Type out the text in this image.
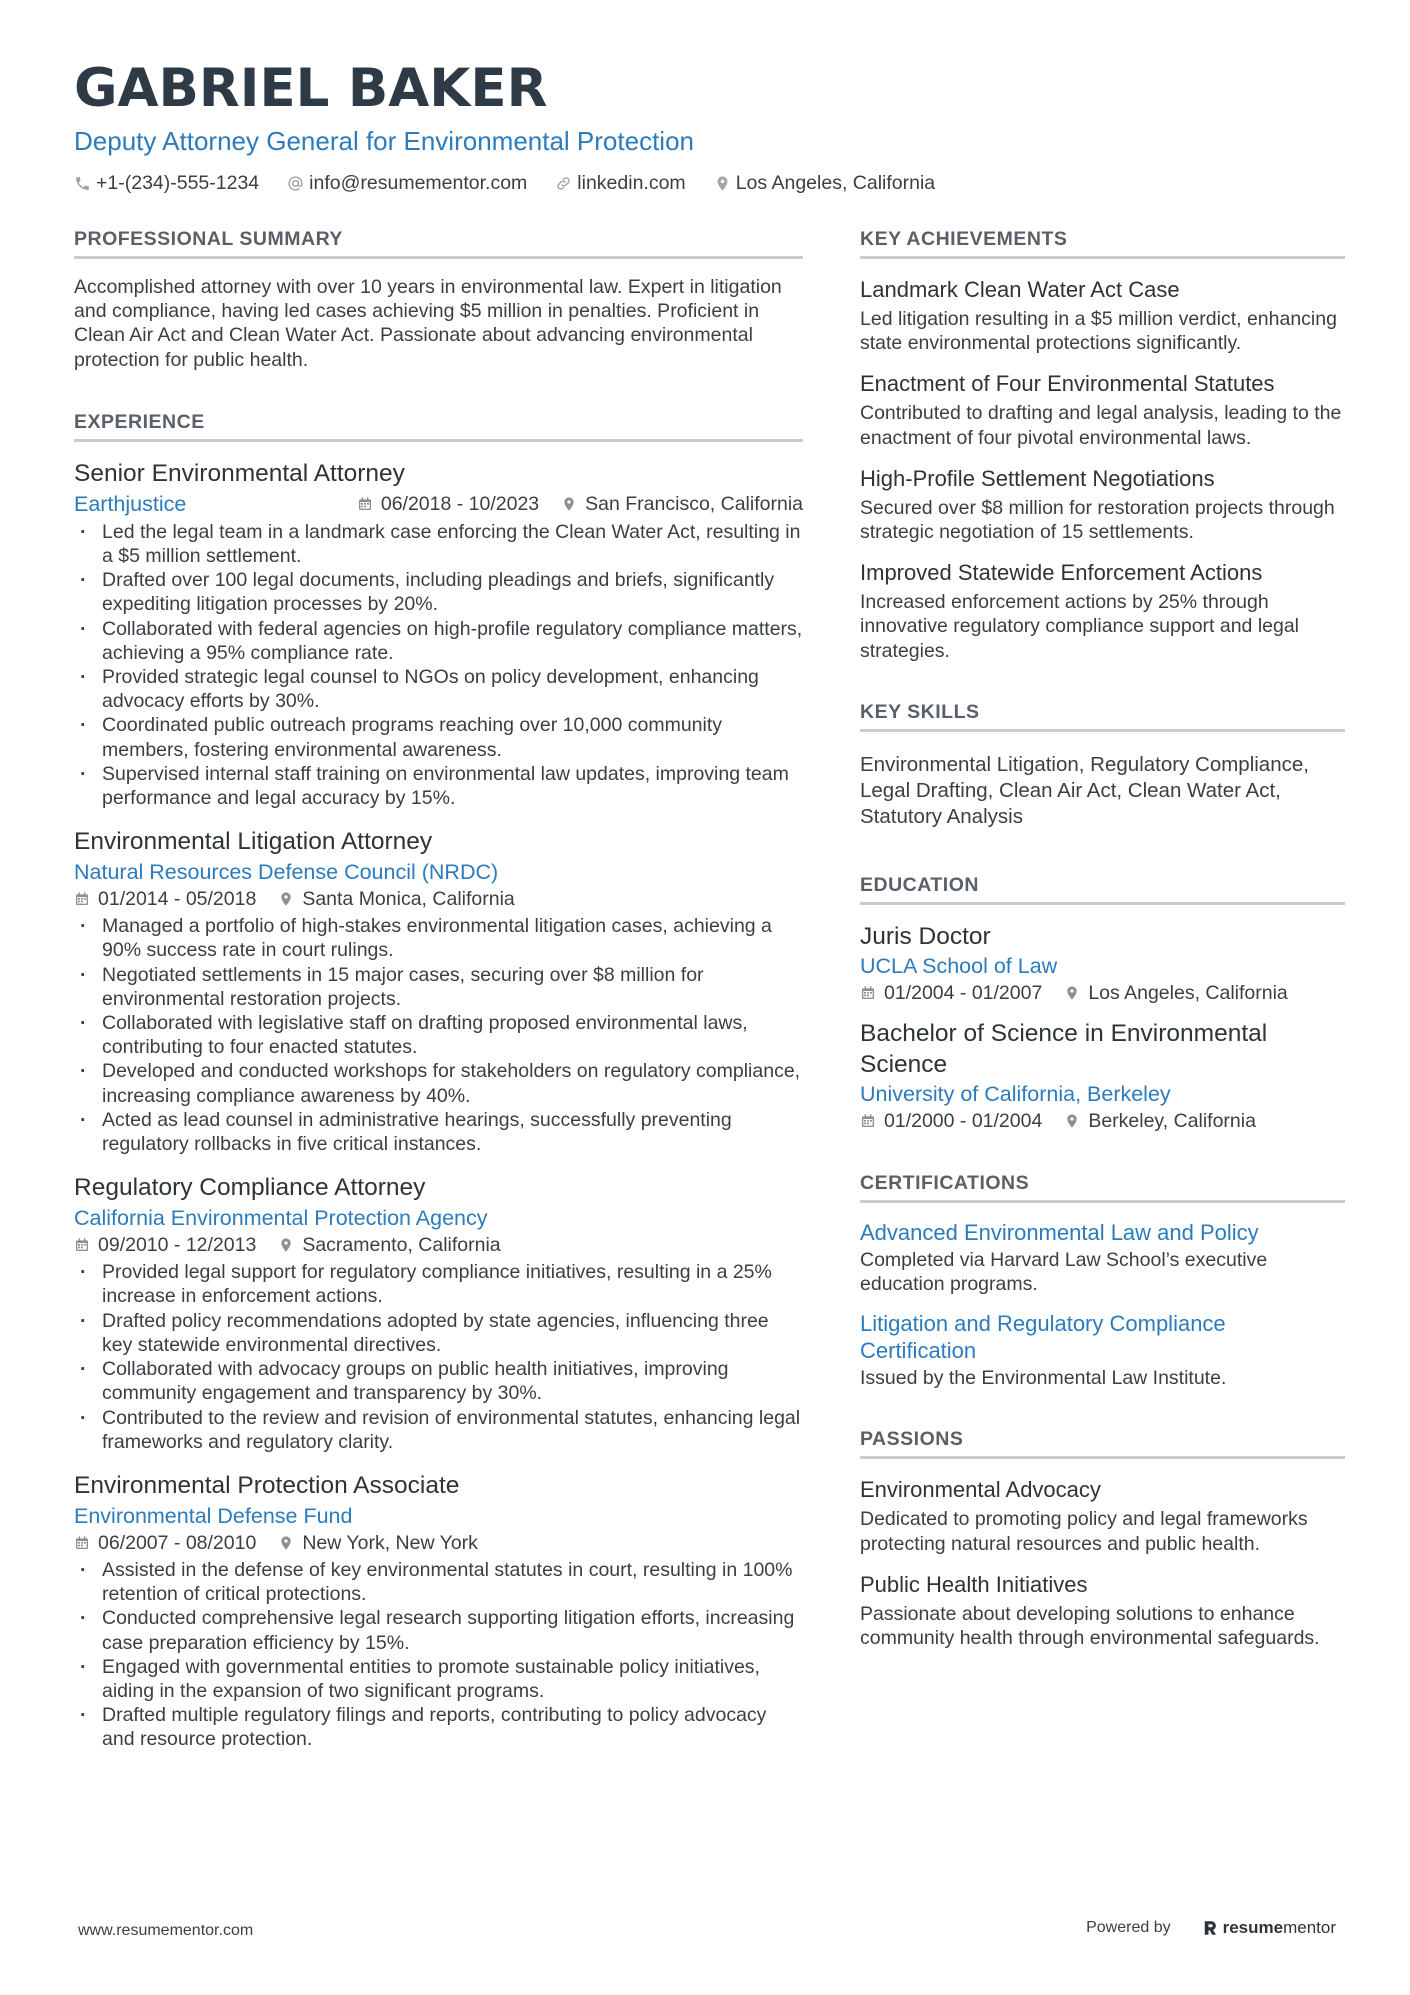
GABRIEL BAKER
Deputy Attorney General for Environmental Protection
+1-(234)-555-1234	info@resumementor.com	linkedin.com	Los Angeles, California
PROFESSIONAL SUMMARY

Accomplished attorney with over 10 years in environmental law. Expert in litigation and compliance, having led cases achieving $5 million in penalties. Proficient in Clean Air Act and Clean Water Act. Passionate about advancing environmental protection for public health.

EXPERIENCE
Senior Environmental Attorney
Earthjustice	06/2018 - 10/2023 San Francisco, California
· Led the legal team in a landmark case enforcing the Clean Water Act, resulting in a $5 million settlement.
· Drafted over 100 legal documents, including pleadings and briefs, significantly expediting litigation processes by 20%.
· Collaborated with federal agencies on high-profile regulatory compliance matters, achieving a 95% compliance rate.
· Provided strategic legal counsel to NGOs on policy development, enhancing advocacy efforts by 30%.
· Coordinated public outreach programs reaching over 10,000 community members, fostering environmental awareness.
· Supervised internal staff training on environmental law updates, improving team performance and legal accuracy by 15%.
Environmental Litigation Attorney
Natural Resources Defense Council (NRDC)
01/2014 - 05/2018 Santa Monica, California
· Managed a portfolio of high-stakes environmental litigation cases, achieving a 90% success rate in court rulings.
· Negotiated settlements in 15 major cases, securing over $8 million for environmental restoration projects.
· Collaborated with legislative staff on drafting proposed environmental laws, contributing to four enacted statutes.
· Developed and conducted workshops for stakeholders on regulatory compliance, increasing compliance awareness by 40%.
· Acted as lead counsel in administrative hearings, successfully preventing regulatory rollbacks in five critical instances.
Regulatory Compliance Attorney
California Environmental Protection Agency
09/2010 - 12/2013 Sacramento, California
· Provided legal support for regulatory compliance initiatives, resulting in a 25% increase in enforcement actions.
· Drafted policy recommendations adopted by state agencies, influencing three key statewide environmental directives.
· Collaborated with advocacy groups on public health initiatives, improving community engagement and transparency by 30%.
· Contributed to the review and revision of environmental statutes, enhancing legal frameworks and regulatory clarity.
Environmental Protection Associate
Environmental Defense Fund
06/2007 - 08/2010 New York, New York
· Assisted in the defense of key environmental statutes in court, resulting in 100% retention of critical protections.
· Conducted comprehensive legal research supporting litigation efforts, increasing case preparation efficiency by 15%.
· Engaged with governmental entities to promote sustainable policy initiatives, aiding in the expansion of two significant programs.
· Drafted multiple regulatory filings and reports, contributing to policy advocacy and resource protection.
KEY ACHIEVEMENTS
Landmark Clean Water Act Case
Led litigation resulting in a $5 million verdict, enhancing state environmental protections significantly.
Enactment of Four Environmental Statutes
Contributed to drafting and legal analysis, leading to the enactment of four pivotal environmental laws.
High-Profile Settlement Negotiations
Secured over $8 million for restoration projects through strategic negotiation of 15 settlements.
Improved Statewide Enforcement Actions
Increased enforcement actions by 25% through innovative regulatory compliance support and legal strategies.
KEY SKILLS
Environmental Litigation, Regulatory Compliance, Legal Drafting, Clean Air Act, Clean Water Act, Statutory Analysis
EDUCATION
Juris Doctor
UCLA School of Law
01/2004 - 01/2007 Los Angeles, California
Bachelor of Science in Environmental Science
University of California, Berkeley
01/2000 - 01/2004 Berkeley, California
CERTIFICATIONS
Advanced Environmental Law and Policy
Completed via Harvard Law School’s executive education programs.
Litigation and Regulatory Compliance Certification
Issued by the Environmental Law Institute.
PASSIONS
Environmental Advocacy
Dedicated to promoting policy and legal frameworks protecting natural resources and public health.
Public Health Initiatives
Passionate about developing solutions to enhance community health through environmental safeguards.
www.resumementor.com	Powered by	resume mentor
